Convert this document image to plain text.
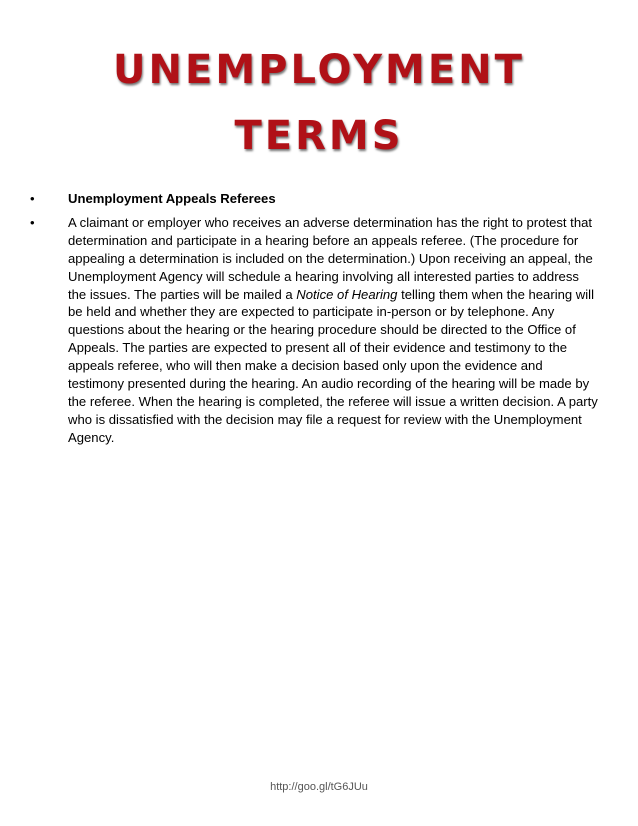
UNEMPLOYMENT
TERMS
•	Unemployment Appeals Referees
•	A claimant or employer who receives an adverse determination has the right to protest that determination and participate in a hearing before an appeals referee. (The procedure for appealing a determination is included on the determination.) Upon receiving an appeal, the Unemployment Agency will schedule a hearing involving all interested parties to address the issues. The parties will be mailed a Notice of Hearing telling them when the hearing will be held and whether they are expected to participate in-person or by telephone. Any questions about the hearing or the hearing procedure should be directed to the Office of Appeals. The parties are expected to present all of their evidence and testimony to the appeals referee, who will then make a decision based only upon the evidence and testimony presented during the hearing. An audio recording of the hearing will be made by the referee. When the hearing is completed, the referee will issue a written decision. A party who is dissatisfied with the decision may file a request for review with the Unemployment Agency.
http://goo.gl/tG6JUu
